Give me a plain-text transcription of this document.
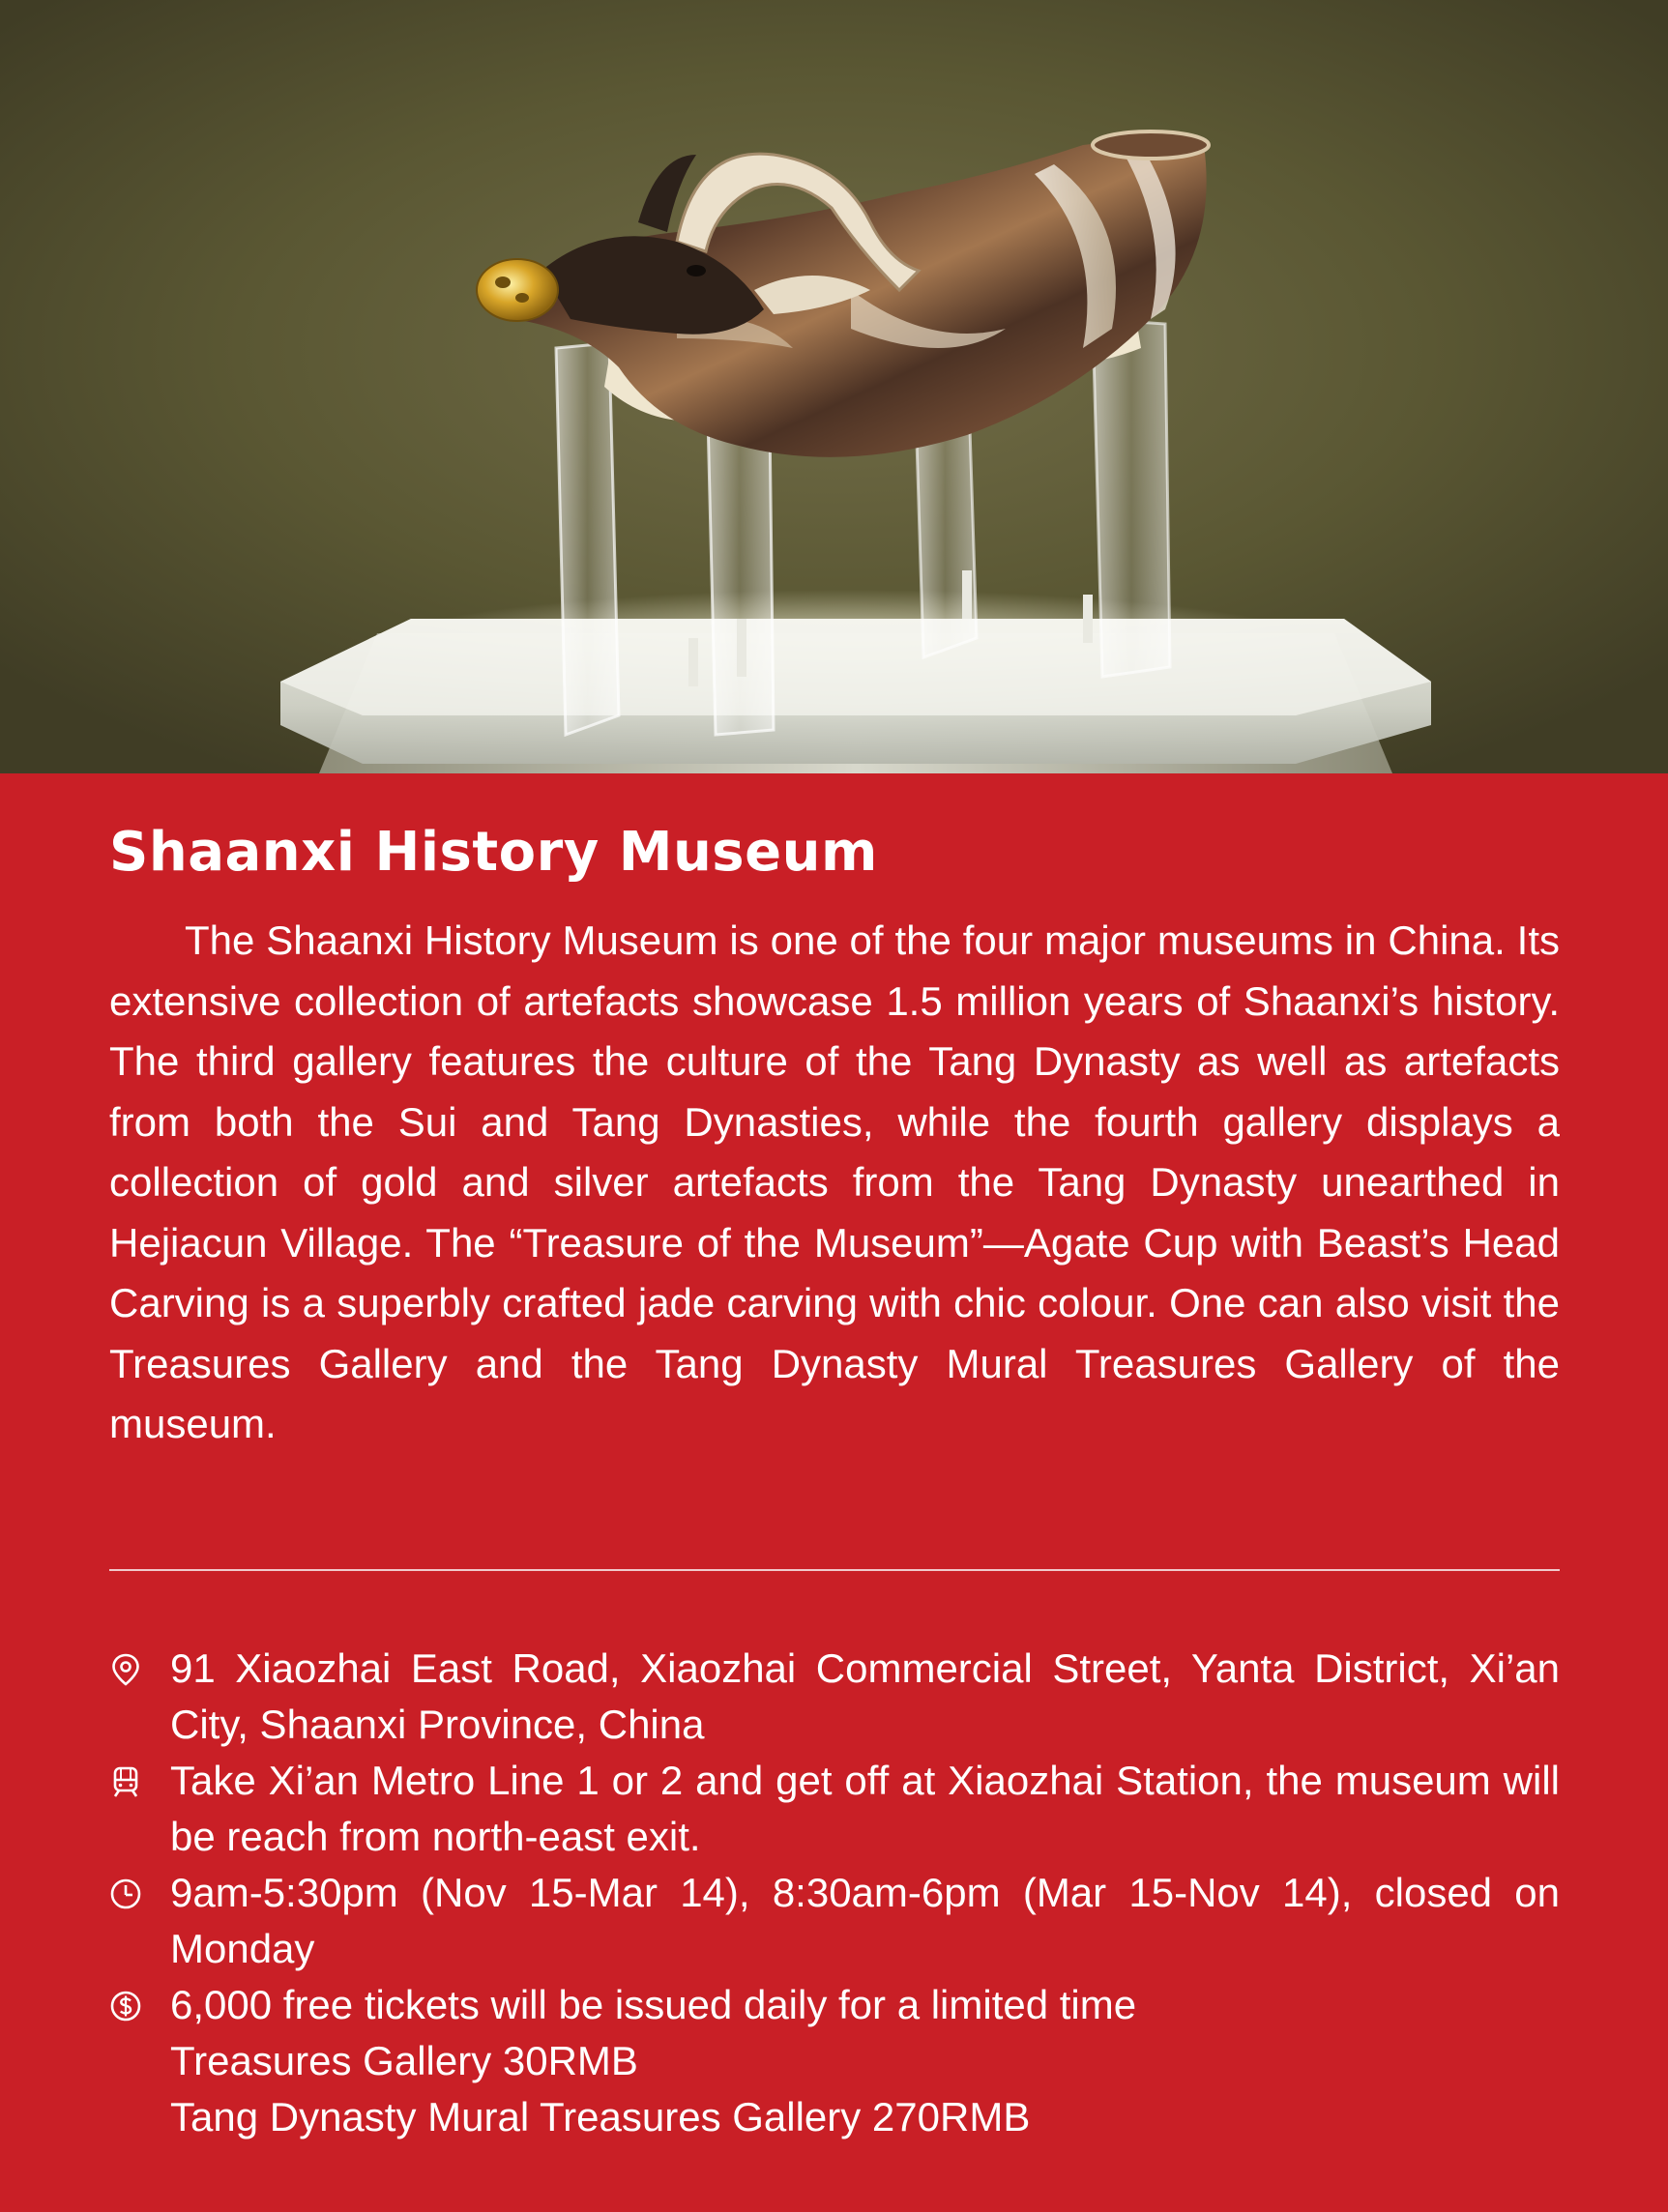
Shaanxi History Museum

The Shaanxi History Museum is one of the four major museums in China. Its extensive collection of artefacts showcase 1.5 million years of Shaanxi’s history. The third gallery features the culture of the Tang Dynasty as well as artefacts from both the Sui and Tang Dynasties, while the fourth gallery displays a collection of gold and silver artefacts from the Tang Dynasty unearthed in Hejiacun Village. The “Treasure of the Museum”—Agate Cup with Beast’s Head Carving is a superbly crafted jade carving with chic colour. One can also visit the Treasures Gallery and the Tang Dynasty Mural Treasures Gallery of the museum.

91 Xiaozhai East Road, Xiaozhai Commercial Street, Yanta District, Xi’an City, Shaanxi Province, China
Take Xi’an Metro Line 1 or 2 and get off at Xiaozhai Station, the museum will be reach from north-east exit.
9am-5:30pm (Nov 15-Mar 14), 8:30am-6pm (Mar 15-Nov 14), closed on Monday
6,000 free tickets will be issued daily for a limited time
Treasures Gallery 30RMB
Tang Dynasty Mural Treasures Gallery 270RMB
